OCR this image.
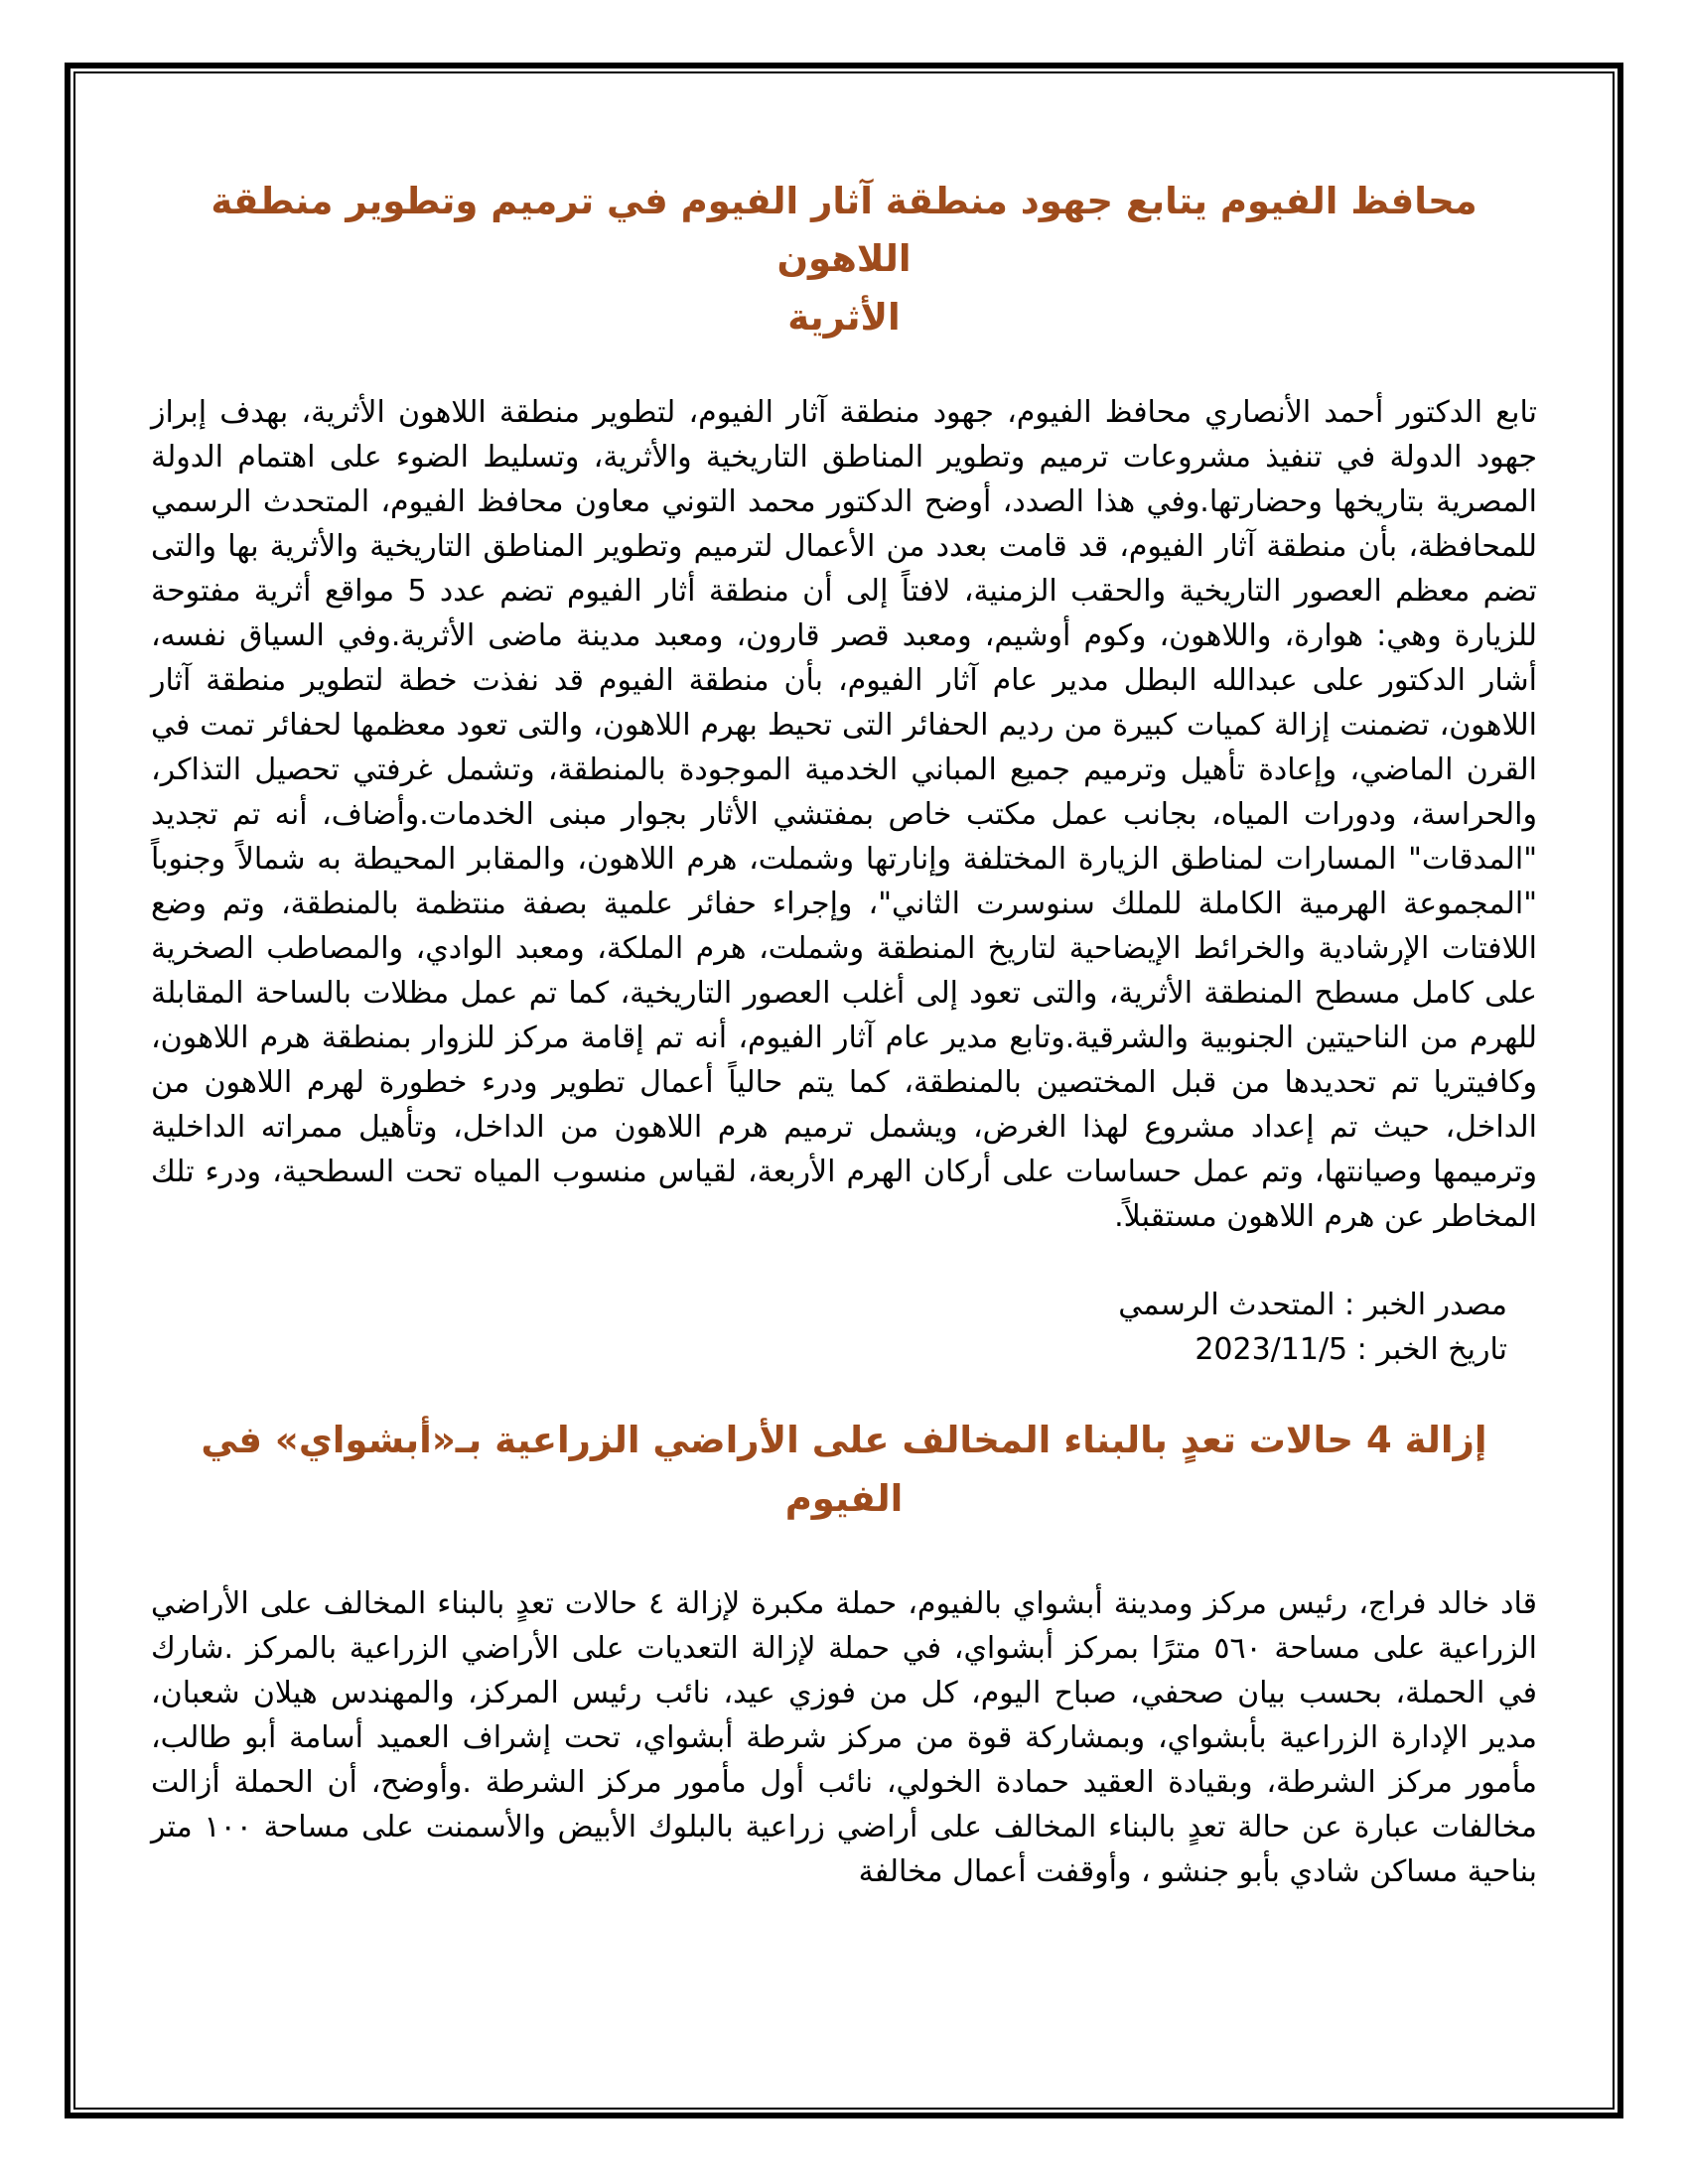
محافظ الفيوم يتابع جهود منطقة آثار الفيوم في ترميم وتطوير منطقة اللاهون
الأثرية

تابع الدكتور أحمد الأنصاري محافظ الفيوم، جهود منطقة آثار الفيوم، لتطوير منطقة اللاهون الأثرية، بهدف إبراز جهود الدولة في تنفيذ مشروعات ترميم وتطوير المناطق التاريخية والأثرية، وتسليط الضوء على اهتمام الدولة المصرية بتاريخها وحضارتها.وفي هذا الصدد، أوضح الدكتور محمد التوني معاون محافظ الفيوم، المتحدث الرسمي للمحافظة، بأن منطقة آثار الفيوم، قد قامت بعدد من الأعمال لترميم وتطوير المناطق التاريخية والأثرية بها والتى تضم معظم العصور التاريخية والحقب الزمنية، لافتاً إلى أن منطقة أثار الفيوم تضم عدد 5 مواقع أثرية مفتوحة للزيارة وهي: هوارة، واللاهون، وكوم أوشيم، ومعبد قصر قارون، ومعبد مدينة ماضى الأثرية.وفي السياق نفسه، أشار الدكتور على عبدالله البطل مدير عام آثار الفيوم، بأن منطقة الفيوم قد نفذت خطة لتطوير منطقة آثار اللاهون، تضمنت إزالة كميات كبيرة من رديم الحفائر التى تحيط بهرم اللاهون، والتى تعود معظمها لحفائر تمت في القرن الماضي، وإعادة تأهيل وترميم جميع المباني الخدمية الموجودة بالمنطقة، وتشمل غرفتي تحصيل التذاكر، والحراسة، ودورات المياه، بجانب عمل مكتب خاص بمفتشي الأثار بجوار مبنى الخدمات.وأضاف، أنه تم تجديد "المدقات" المسارات لمناطق الزيارة المختلفة وإنارتها وشملت، هرم اللاهون، والمقابر المحيطة به شمالاً وجنوباً "المجموعة الهرمية الكاملة للملك سنوسرت الثاني"، وإجراء حفائر علمية بصفة منتظمة بالمنطقة، وتم وضع اللافتات الإرشادية والخرائط الإيضاحية لتاريخ المنطقة وشملت، هرم الملكة، ومعبد الوادي، والمصاطب الصخرية على كامل مسطح المنطقة الأثرية، والتى تعود إلى أغلب العصور التاريخية، كما تم عمل مظلات بالساحة المقابلة للهرم من الناحيتين الجنوبية والشرقية.وتابع مدير عام آثار الفيوم، أنه تم إقامة مركز للزوار بمنطقة هرم اللاهون، وكافيتريا تم تحديدها من قبل المختصين بالمنطقة، كما يتم حالياً أعمال تطوير ودرء خطورة لهرم اللاهون من الداخل، حيث تم إعداد مشروع لهذا الغرض، ويشمل ترميم هرم اللاهون من الداخل، وتأهيل ممراته الداخلية وترميمها وصيانتها، وتم عمل حساسات على أركان الهرم الأربعة، لقياس منسوب المياه تحت السطحية، ودرء تلك المخاطر عن هرم اللاهون مستقبلاً.

مصدر الخبر : المتحدث الرسمي
تاريخ الخبر : 2023/11/5
إزالة 4 حالات تعدٍ بالبناء المخالف على الأراضي الزراعية بـ«أبشواي» في
الفيوم

قاد خالد فراج، رئيس مركز ومدينة أبشواي بالفيوم، حملة مكبرة لإزالة ٤ حالات تعدٍ بالبناء المخالف على الأراضي الزراعية على مساحة ٥٦٠ مترًا بمركز أبشواي، في حملة لإزالة التعديات على الأراضي الزراعية بالمركز .شارك في الحملة، بحسب بيان صحفي، صباح اليوم، كل من فوزي عيد، نائب رئيس المركز، والمهندس هيلان شعبان، مدير الإدارة الزراعية بأبشواي، وبمشاركة قوة من مركز شرطة أبشواي، تحت إشراف العميد أسامة أبو طالب، مأمور مركز الشرطة، وبقيادة العقيد حمادة الخولي، نائب أول مأمور مركز الشرطة .وأوضح، أن الحملة أزالت مخالفات عبارة عن حالة تعدٍ بالبناء المخالف على أراضي زراعية بالبلوك الأبيض والأسمنت على مساحة ١٠٠ متر بناحية مساكن شادي بأبو جنشو ، وأوقفت أعمال مخالفة
